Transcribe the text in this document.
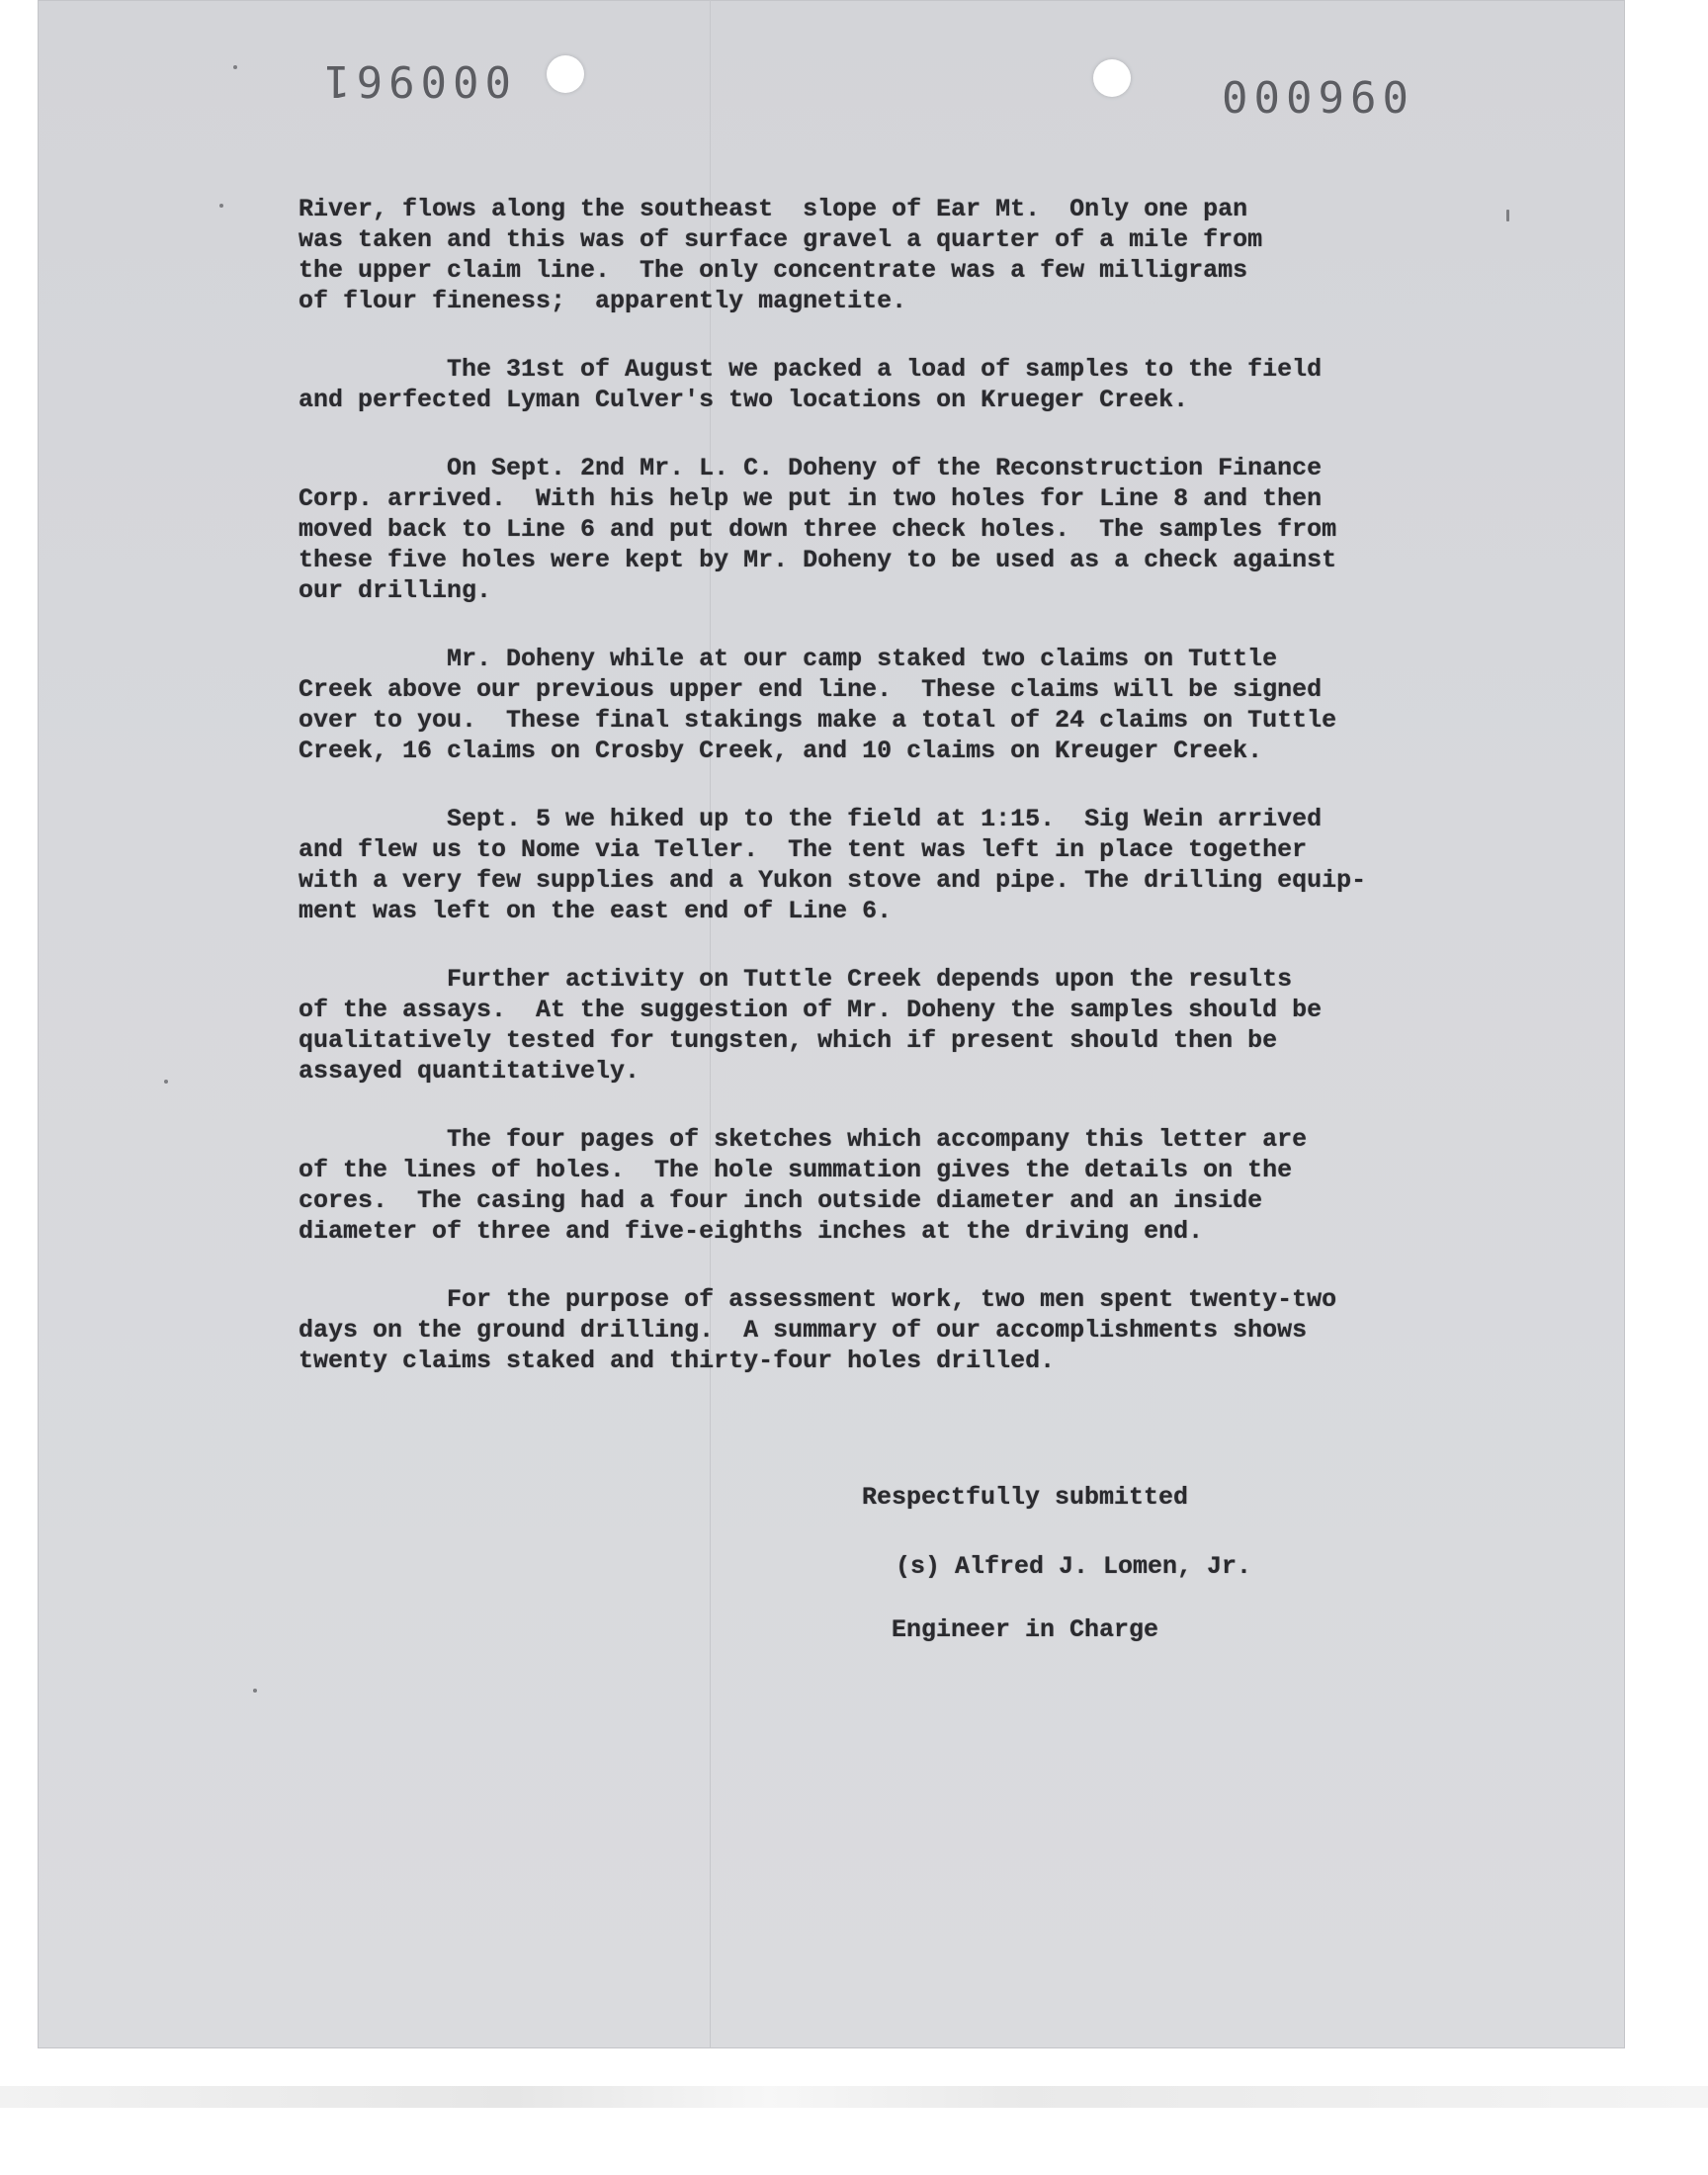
000961	000960

River, flows along the southeast  slope of Ear Mt.  Only one pan
was taken and this was of surface gravel a quarter of a mile from
the upper claim line.  The only concentrate was a few milligrams
of flour fineness;  apparently magnetite.

The 31st of August we packed a load of samples to the field
and perfected Lyman Culver's two locations on Krueger Creek.

On Sept. 2nd Mr. L. C. Doheny of the Reconstruction Finance
Corp. arrived.  With his help we put in two holes for Line 8 and then
moved back to Line 6 and put down three check holes.  The samples from
these five holes were kept by Mr. Doheny to be used as a check against
our drilling.

Mr. Doheny while at our camp staked two claims on Tuttle
Creek above our previous upper end line.  These claims will be signed
over to you.  These final stakings make a total of 24 claims on Tuttle
Creek, 16 claims on Crosby Creek, and 10 claims on Kreuger Creek.

Sept. 5 we hiked up to the field at 1:15.  Sig Wein arrived
and flew us to Nome via Teller.  The tent was left in place together
with a very few supplies and a Yukon stove and pipe. The drilling equip-
ment was left on the east end of Line 6.

Further activity on Tuttle Creek depends upon the results
of the assays.  At the suggestion of Mr. Doheny the samples should be
qualitatively tested for tungsten, which if present should then be
assayed quantitatively.

The four pages of sketches which accompany this letter are
of the lines of holes.  The hole summation gives the details on the
cores.  The casing had a four inch outside diameter and an inside
diameter of three and five-eighths inches at the driving end.

For the purpose of assessment work, two men spent twenty-two
days on the ground drilling.  A summary of our accomplishments shows
twenty claims staked and thirty-four holes drilled.

Respectfully submitted
(s) Alfred J. Lomen, Jr.
Engineer in Charge
